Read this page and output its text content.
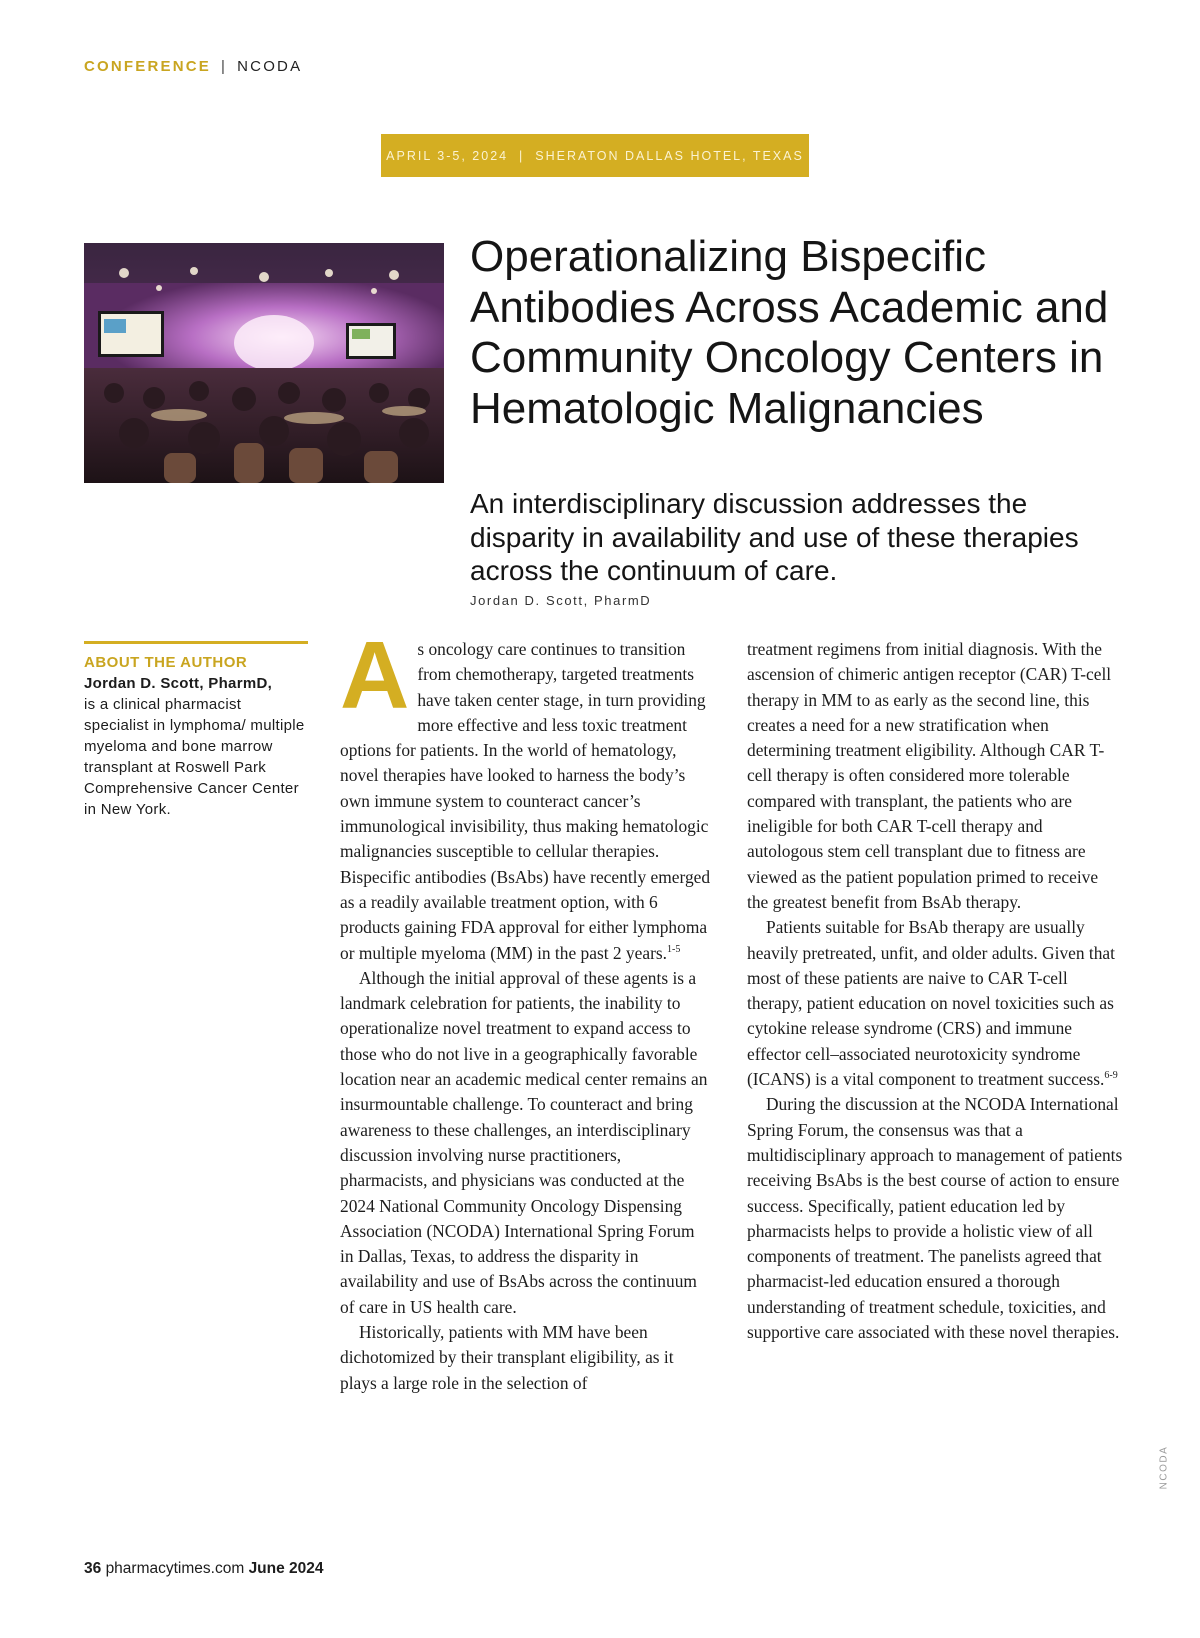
CONFERENCE | NCODA
APRIL 3-5, 2024  |  SHERATON DALLAS HOTEL, TEXAS
Operationalizing Bispecific Antibodies Across Academic and Community Oncology Centers in Hematologic Malignancies
An interdisciplinary discussion addresses the disparity in availability and use of these therapies across the continuum of care.
Jordan D. Scott, PharmD
ABOUT THE AUTHOR
Jordan D. Scott, PharmD,
is a clinical pharmacist specialist in lymphoma/ multiple myeloma and bone marrow transplant at Roswell Park Comprehensive Cancer Center in New York.

As oncology care continues to transition from chemotherapy, targeted treatments have taken center stage, in turn providing more effective and less toxic treatment options for patients. In the world of hematology, novel therapies have looked to harness the body’s own immune system to counteract cancer’s immunological invisibility, thus making hematologic malignancies susceptible to cellular therapies. Bispecific antibodies (BsAbs) have recently emerged as a readily available treatment option, with 6 products gaining FDA approval for either lymphoma or multiple myeloma (MM) in the past 2 years.$^{1-5}$

Although the initial approval of these agents is a landmark celebration for patients, the inability to operationalize novel treatment to expand access to those who do not live in a geographically favorable location near an academic medical center remains an insurmountable challenge. To counteract and bring awareness to these challenges, an interdisciplinary discussion involving nurse practitioners, pharmacists, and physicians was conducted at the 2024 National Community Oncology Dispensing Association (NCODA) International Spring Forum in Dallas, Texas, to address the disparity in availability and use of BsAbs across the continuum of care in US health care.

Historically, patients with MM have been dichotomized by their transplant eligibility, as it plays a large role in the selection of

treatment regimens from initial diagnosis. With the ascension of chimeric antigen receptor (CAR) T-cell therapy in MM to as early as the second line, this creates a need for a new stratification when determining treatment eligibility. Although CAR T-cell therapy is often considered more tolerable compared with transplant, the patients who are ineligible for both CAR T-cell therapy and autologous stem cell transplant due to fitness are viewed as the patient population primed to receive the greatest benefit from BsAb therapy.

Patients suitable for BsAb therapy are usually heavily pretreated, unfit, and older adults. Given that most of these patients are naive to CAR T-cell therapy, patient education on novel toxicities such as cytokine release syndrome (CRS) and immune effector cell–associated neurotoxicity syndrome (ICANS) is a vital component to treatment success.$^{6-9}$

During the discussion at the NCODA International Spring Forum, the consensus was that a multidisciplinary approach to management of patients receiving BsAbs is the best course of action to ensure success. Specifically, patient education led by pharmacists helps to provide a holistic view of all components of treatment. The panelists agreed that pharmacist-led education ensured a thorough understanding of treatment schedule, toxicities, and supportive care associated with these novel therapies.

NCODA
36 pharmacytimes.com June 2024
